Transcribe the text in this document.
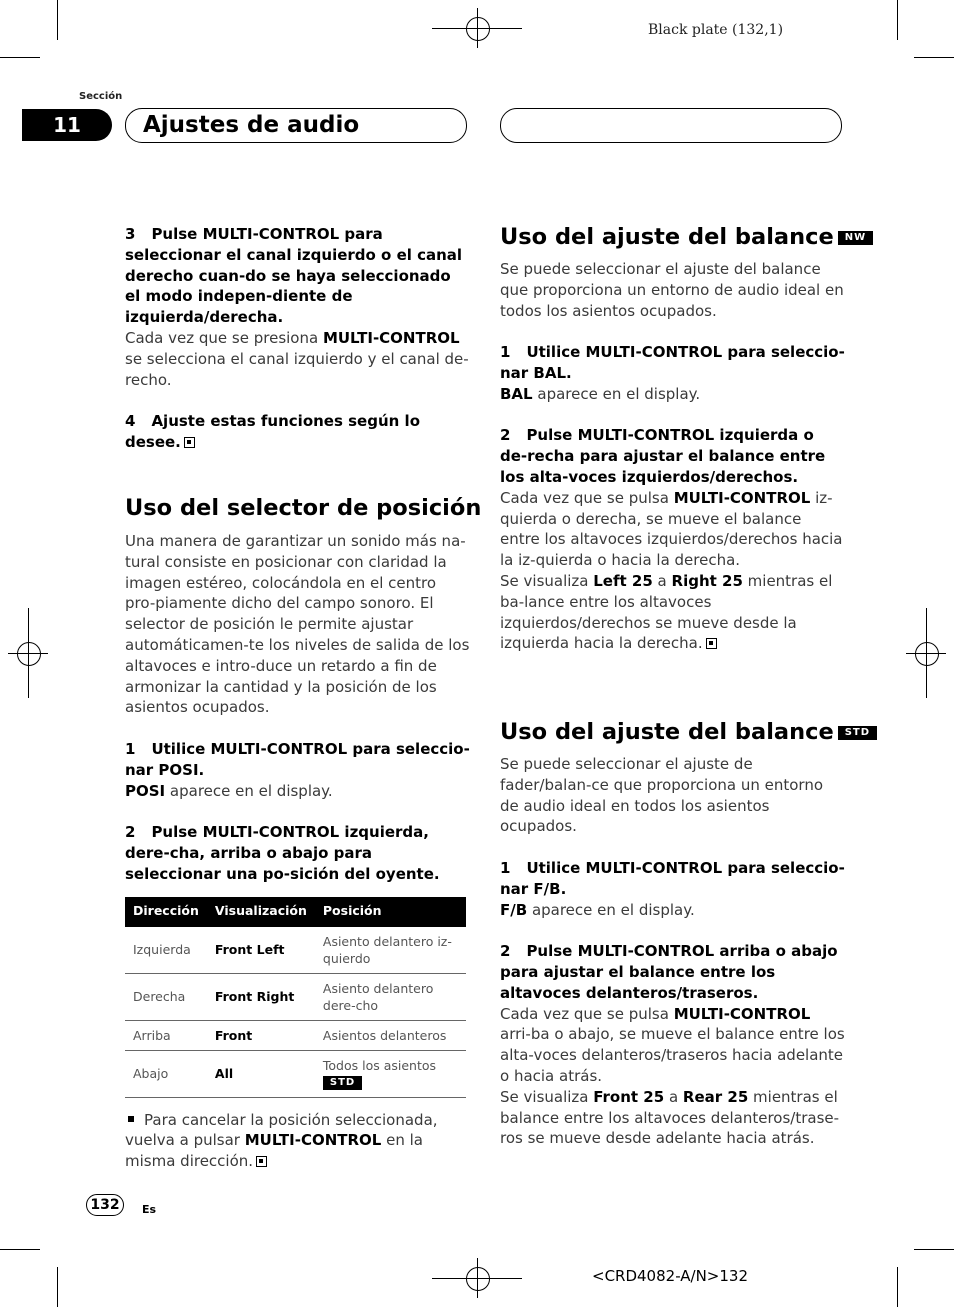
Black plate (132,1)
Sección
11	Ajustes de audio

3 Pulse MULTI-CONTROL para seleccionar el canal izquierdo o el canal derecho cuan-do se haya seleccionado el modo indepen-diente de izquierda/derecha.

Cada vez que se presiona MULTI-CONTROL se selecciona el canal izquierdo y el canal de-recho.

4 Ajuste estas funciones según lo desee.

Uso del selector de posición

Una manera de garantizar un sonido más na-tural consiste en posicionar con claridad la imagen estéreo, colocándola en el centro pro-piamente dicho del campo sonoro. El selector de posición le permite ajustar automáticamen-te los niveles de salida de los altavoces e intro-duce un retardo a fin de armonizar la cantidad y la posición de los asientos ocupados.

1 Utilice MULTI-CONTROL para seleccio-nar POSI.

POSI aparece en el display.

2 Pulse MULTI-CONTROL izquierda, dere-cha, arriba o abajo para seleccionar una po-sición del oyente.

Dirección	Visualización	Posición
Izquierda	Front Left	Asiento delantero iz-quierdo
Derecha	Front Right	Asiento delantero dere-cho
Arriba	Front	Asientos delanteros
Abajo	All	Todos los asientos
STD

Para cancelar la posición seleccionada, vuelva a pulsar MULTI-CONTROL en la misma dirección.

Uso del ajuste del balance NW

Se puede seleccionar el ajuste del balance que proporciona un entorno de audio ideal en todos los asientos ocupados.

1 Utilice MULTI-CONTROL para seleccio-nar BAL.

BAL aparece en el display.

2 Pulse MULTI-CONTROL izquierda o de-recha para ajustar el balance entre los alta-voces izquierdos/derechos.

Cada vez que se pulsa MULTI-CONTROL iz-quierda o derecha, se mueve el balance entre los altavoces izquierdos/derechos hacia la iz-quierda o hacia la derecha.

Se visualiza Left 25 a Right 25 mientras el ba-lance entre los altavoces izquierdos/derechos se mueve desde la izquierda hacia la derecha.

Uso del ajuste del balance STD

Se puede seleccionar el ajuste de fader/balan-ce que proporciona un entorno de audio ideal en todos los asientos ocupados.

1 Utilice MULTI-CONTROL para seleccio-nar F/B.

F/B aparece en el display.

2 Pulse MULTI-CONTROL arriba o abajo para ajustar el balance entre los altavoces delanteros/traseros.

Cada vez que se pulsa MULTI-CONTROL arri-ba o abajo, se mueve el balance entre los alta-voces delanteros/traseros hacia adelante o hacia atrás.

Se visualiza Front 25 a Rear 25 mientras el balance entre los altavoces delanteros/trase-ros se mueve desde adelante hacia atrás.

132	Es
<CRD4082-A/N>132
